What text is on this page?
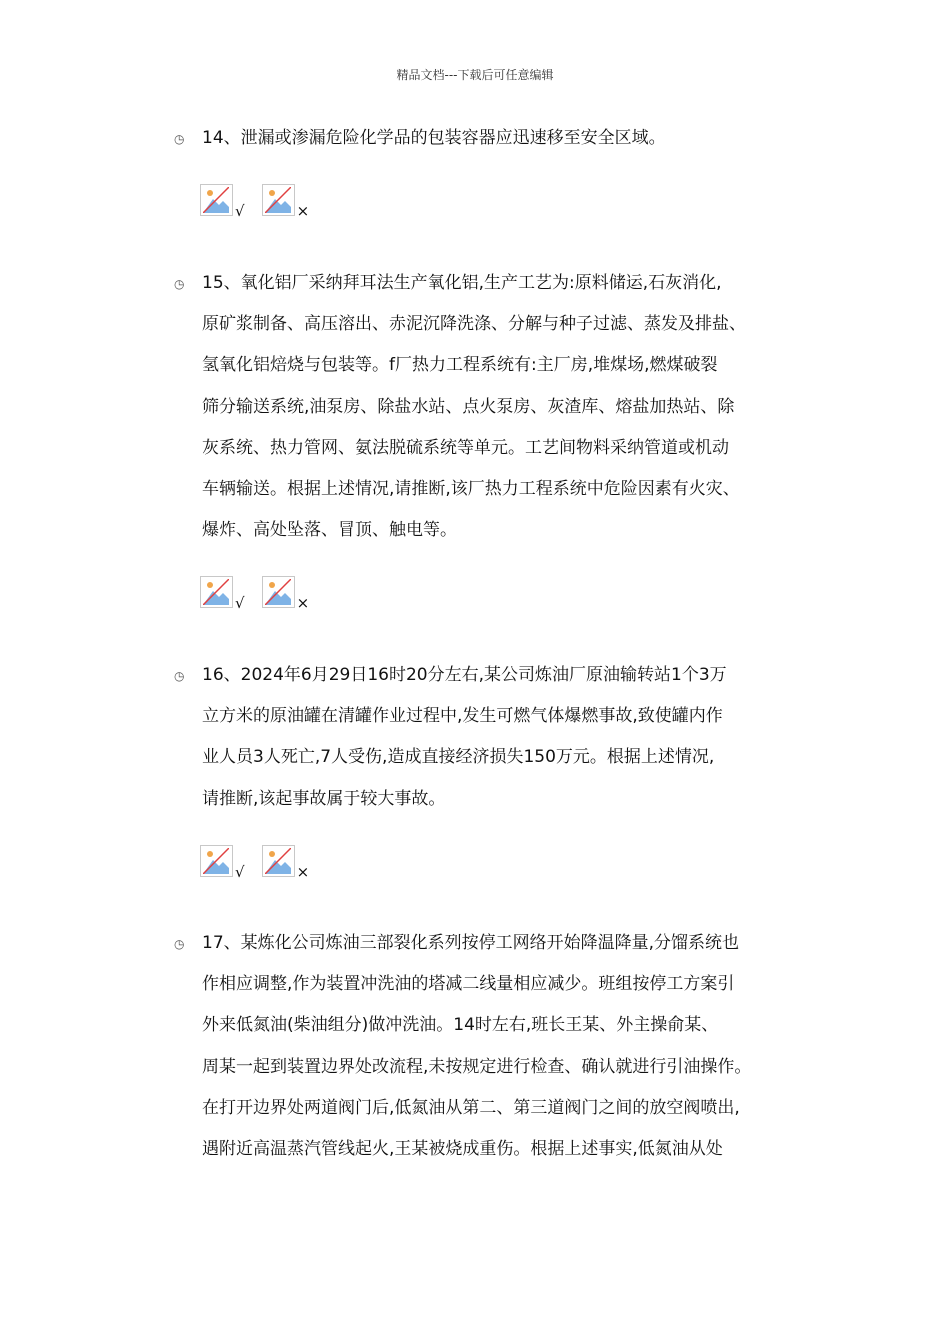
精品文档---下载后可任意编辑
◷ 14、泄漏或渗漏危险化学品的包装容器应迅速移至安全区域。
√	×
◷ 15、氧化铝厂采纳拜耳法生产氧化铝,生产工艺为:原料储运,石灰消化,
原矿浆制备、高压溶出、赤泥沉降洗涤、分解与种子过滤、蒸发及排盐、
氢氧化铝焙烧与包装等。f厂热力工程系统有:主厂房,堆煤场,燃煤破裂
筛分输送系统,油泵房、除盐水站、点火泵房、灰渣库、熔盐加热站、除
灰系统、热力管网、氨法脱硫系统等单元。工艺间物料采纳管道或机动
车辆输送。根据上述情况,请推断,该厂热力工程系统中危险因素有火灾、
爆炸、高处坠落、冒顶、触电等。
√	×
◷ 16、2024年6月29日16时20分左右,某公司炼油厂原油输转站1个3万
立方米的原油罐在清罐作业过程中,发生可燃气体爆燃事故,致使罐内作
业人员3人死亡,7人受伤,造成直接经济损失150万元。根据上述情况,
请推断,该起事故属于较大事故。
√	×
◷ 17、某炼化公司炼油三部裂化系列按停工网络开始降温降量,分馏系统也
作相应调整,作为装置冲洗油的塔减二线量相应减少。班组按停工方案引
外来低氮油(柴油组分)做冲洗油。14时左右,班长王某、外主操俞某、
周某一起到装置边界处改流程,未按规定进行检查、确认就进行引油操作。
在打开边界处两道阀门后,低氮油从第二、第三道阀门之间的放空阀喷出,
遇附近高温蒸汽管线起火,王某被烧成重伤。根据上述事实,低氮油从处
